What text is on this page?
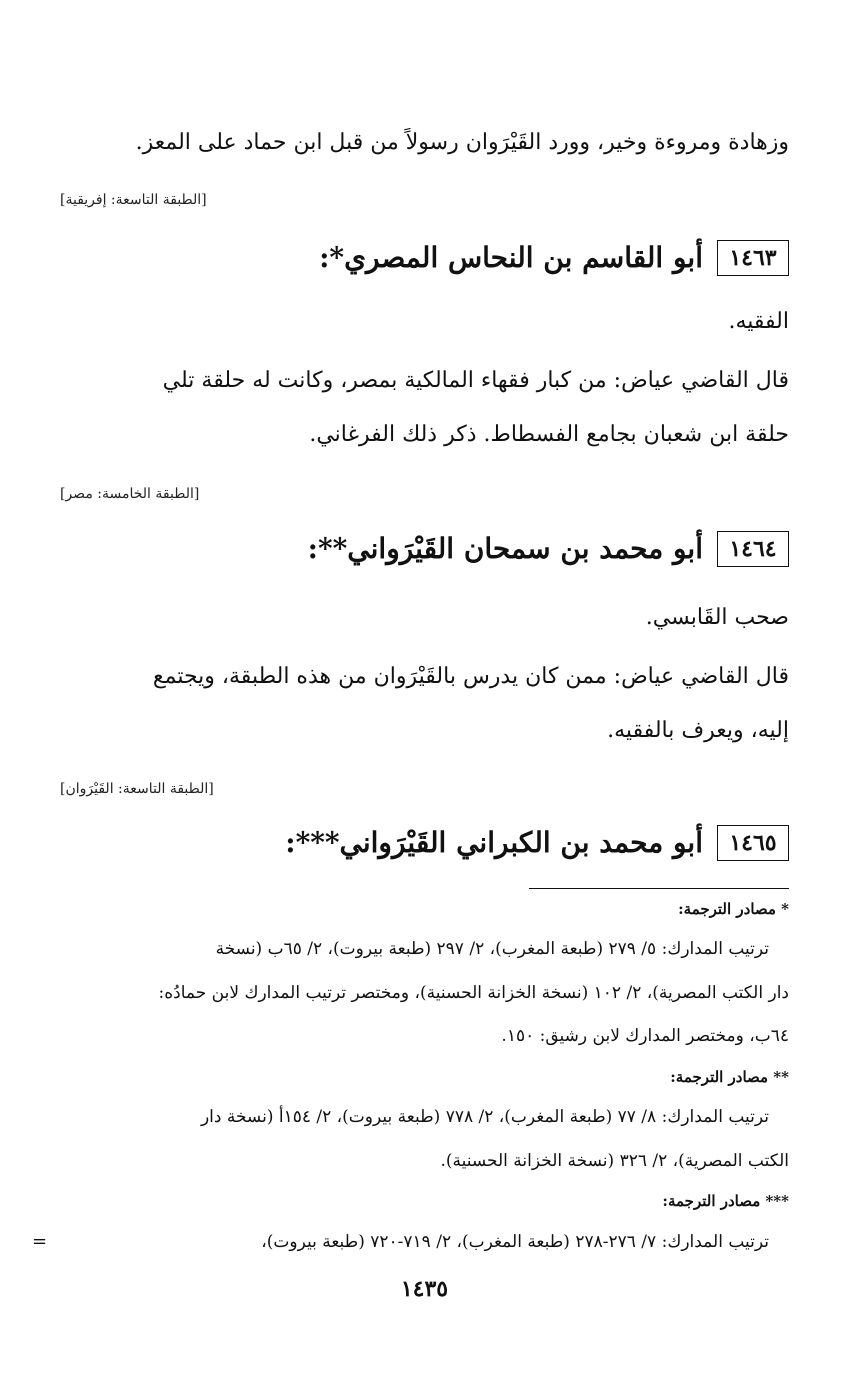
وزهادة ومروءة وخير، وورد القَيْرَوان رسولاً من قبل ابن حماد على المعز.
[الطبقة التاسعة: إفريقية]
١٤٦٣
أبو القاسم بن النحاس المصري*:
الفقيه.
قال القاضي عياض: من كبار فقهاء المالكية بمصر، وكانت له حلقة تلي
حلقة ابن شعبان بجامع الفسطاط. ذكر ذلك الفرغاني.
[الطبقة الخامسة: مصر]
١٤٦٤
أبو محمد بن سمحان القَيْرَواني**:
صحب القَابسي.
قال القاضي عياض: ممن كان يدرس بالقَيْرَوان من هذه الطبقة، ويجتمع
إليه، ويعرف بالفقيه.
[الطبقة التاسعة: القَيْرَوان]
١٤٦٥
أبو محمد بن الكبراني القَيْرَواني***:
* مصادر الترجمة:
ترتيب المدارك: ٥/ ٢٧٩ (طبعة المغرب)، ٢/ ٢٩٧ (طبعة بيروت)، ٢/ ٦٥ب (نسخة
دار الكتب المصرية)، ٢/ ١٠٢ (نسخة الخزانة الحسنية)، ومختصر ترتيب المدارك لابن حمادُه:
٦٤ب، ومختصر المدارك لابن رشيق: ١٥٠.
** مصادر الترجمة:
ترتيب المدارك: ٨/ ٧٧ (طبعة المغرب)، ٢/ ٧٧٨ (طبعة بيروت)، ٢/ ١٥٤أ (نسخة دار
الكتب المصرية)، ٢/ ٣٢٦ (نسخة الخزانة الحسنية).
*** مصادر الترجمة:
ترتيب المدارك: ٧/ ٢٧٦-٢٧٨ (طبعة المغرب)، ٢/ ٧١٩-٧٢٠ (طبعة بيروت)،
=
١٤٣٥
